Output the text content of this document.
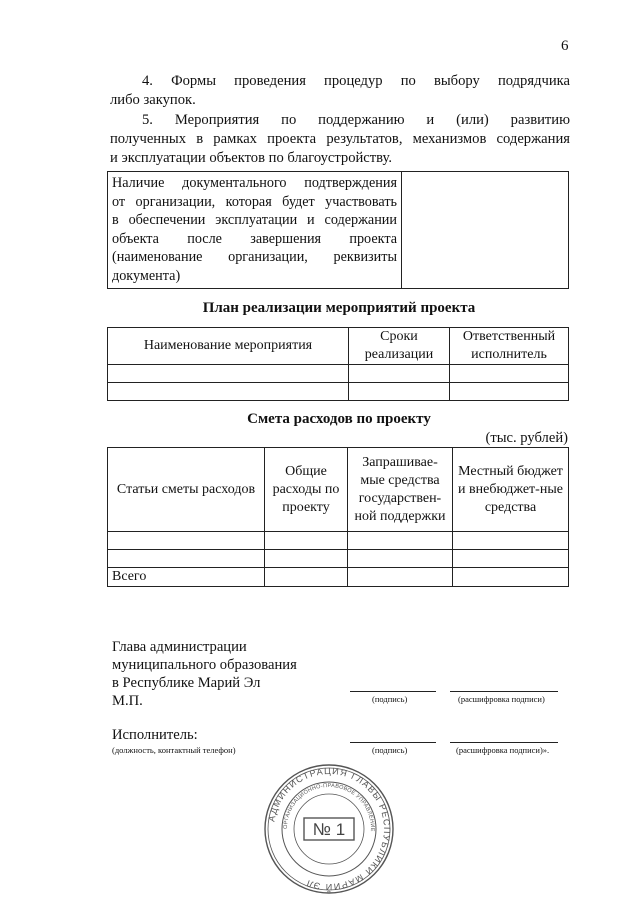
6
4. Формы проведения процедур по выбору подрядчика
либо закупок.
5. Мероприятия по поддержанию и (или) развитию
полученных в рамках проекта результатов, механизмов содержания
и эксплуатации объектов по благоустройству.
Наличие документального подтверждения
от организации, которая будет участвовать
в обеспечении эксплуатации и содержании
объекта после завершения проекта
(наименование организации, реквизиты
документа)

План реализации мероприятий проекта
Наименование мероприятия	Сроки реализации	Ответственный исполнитель

Смета расходов по проекту
(тыс. рублей)
Статьи сметы расходов	Общие расходы по проекту	Запрашивае-мые средства государствен-ной поддержки	Местный бюджет и внебюджет-ные средства

Всего			
Глава администрации
муниципального образования
в Республике Марий Эл
М.П.	(подпись)	(расшифровка подписи)
Исполнитель:
(должность, контактный телефон)	(подпись)	(расшифровка подписи)».
АДМИНИСТРАЦИЯ ГЛАВЫ РЕСПУБЛИКИ МАРИЙ ЭЛ
ОРГАНИЗАЦИОННО-ПРАВОВОЕ УПРАВЛЕНИЕ
№ 1
